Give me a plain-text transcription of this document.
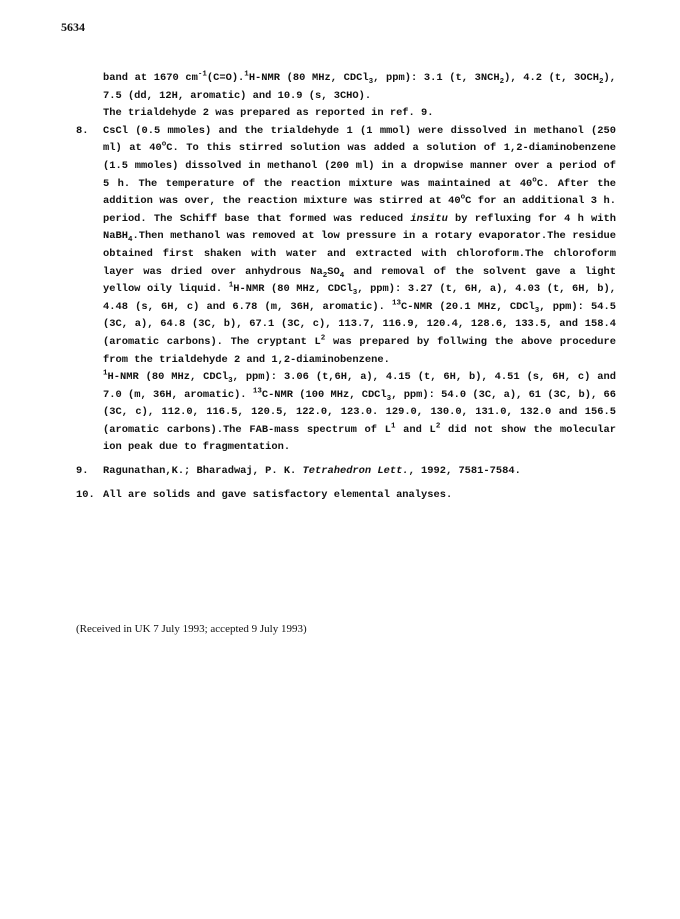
5634

band at 1670 $cm^{-1}(C=O).^1H$-NMR (80 MHz, CDCl$_3$, ppm): 3.1 (t, $3NCH_2$), 4.2 (t, $3OCH_2$), 7.5 (dd, 12H, aromatic) and 10.9 (s, 3CHO).

The trialdehyde 2 was prepared as reported in ref. 9.

8.	CsCl (0.5 mmoles) and the trialdehyde 1 (1 mmol) were dissolved in methanol (250 ml) at 40$^o$C. To this stirred solution was added a solution of 1,2-diaminobenzene (1.5 mmoles) dissolved in methanol (200 ml) in a dropwise manner over a period of 5 h. The temperature of the reaction mixture was maintained at 40$^o$C. After the addition was over, the reaction mixture was stirred at 40$^o$C for an additional 3 h. period. The Schiff base that formed was reduced insitu by refluxing for 4 h with NaBH$_4$.Then methanol was removed at low pressure in a rotary evaporator.The residue obtained first shaken with water and extracted with chloroform.The chloroform layer was dried over anhydrous $Na_2SO_4$ and removal of the solvent gave a light yellow oily liquid. $^1$H-NMR (80 MHz, CDCl$_3$, ppm): 3.27 (t, 6H, a), 4.03 (t, 6H, b), 4.48 (s, 6H, c) and 6.78 (m, 36H, aromatic). $^{13}$C-NMR (20.1 MHz, CDCl$_3$, ppm): 54.5 (3C, a), 64.8 (3C, b), 67.1 (3C, c), 113.7, 116.9, 120.4, 128.6, 133.5, and 158.4 (aromatic carbons). The cryptant $L^2$ was prepared by follwing the above procedure from the trialdehyde 2 and 1,2-diaminobenzene.

$^1$H-NMR (80 MHz, CDCl$_3$, ppm): 3.06 (t,6H, a), 4.15 (t, 6H, b), 4.51 (s, 6H, c) and 7.0 (m, 36H, aromatic). $^{13}$C-NMR (100 MHz, CDCl$_3$, ppm): 54.0 (3C, a), 61 (3C, b), 66 (3C, c), 112.0, 116.5, 120.5, 122.0, 123.0. 129.0, 130.0, 131.0, 132.0 and 156.5 (aromatic carbons).The FAB-mass spectrum of $L^1$ and $L^2$ did not show the molecular ion peak due to fragmentation.

9.	Ragunathan,K.; Bharadwaj, P. K. Tetrahedron Lett., 1992, 7581-7584.
10. All are solids and gave satisfactory elemental analyses.
(Received in UK 7 July 1993; accepted 9 July 1993)
